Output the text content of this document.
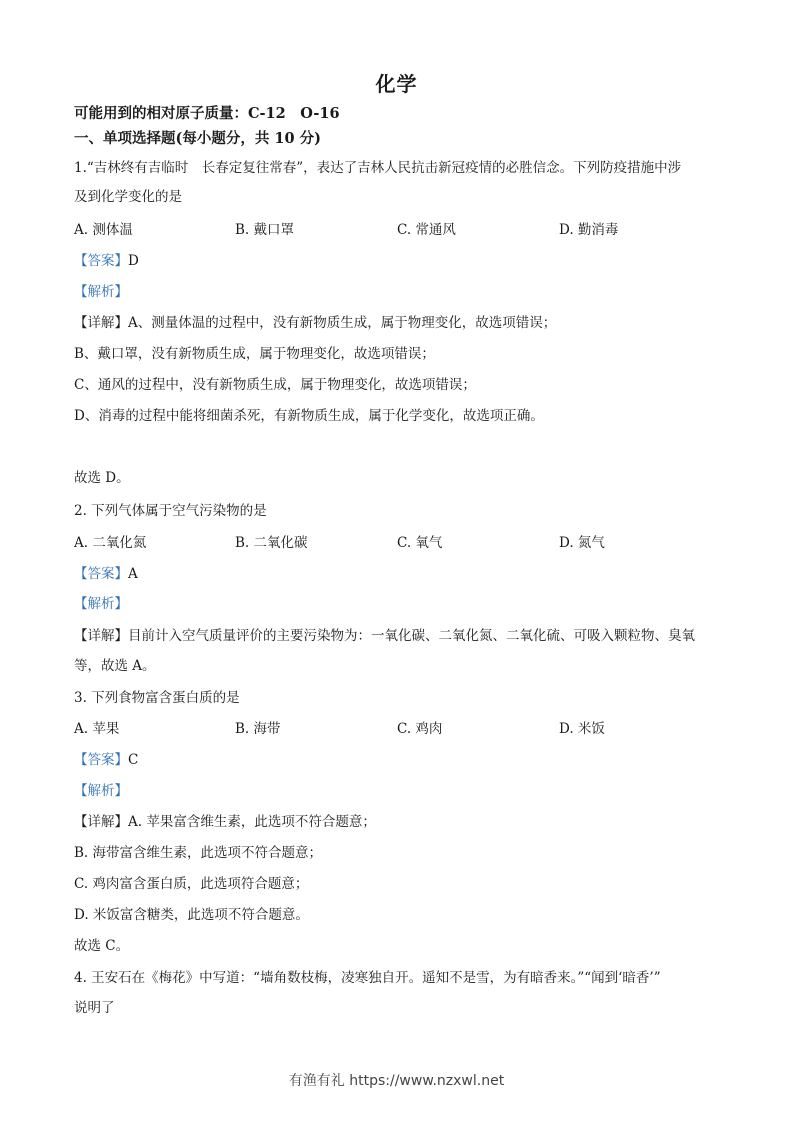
化学
可能用到的相对原子质量：C-12　O-16
一、单项选择题(每小题分，共 10 分)
1.“吉林终有吉临时　长春定复往常春”，表达了吉林人民抗击新冠疫情的必胜信念。下列防疫措施中涉
及到化学变化的是
A. 测体温	B. 戴口罩	C. 常通风	D. 勤消毒
【答案】D
【解析】
【详解】A、测量体温的过程中，没有新物质生成，属于物理变化，故选项错误；
B、戴口罩，没有新物质生成，属于物理变化，故选项错误；
C、通风的过程中，没有新物质生成，属于物理变化，故选项错误；
D、消毒的过程中能将细菌杀死，有新物质生成，属于化学变化，故选项正确。
故选 D。
2. 下列气体属于空气污染物的是
A. 二氧化氮	B. 二氧化碳	C. 氧气	D. 氮气
【答案】A
【解析】
【详解】目前计入空气质量评价的主要污染物为：一氧化碳、二氧化氮、二氧化硫、可吸入颗粒物、臭氧
等，故选 A。
3. 下列食物富含蛋白质的是
A. 苹果	B. 海带	C. 鸡肉	D. 米饭
【答案】C
【解析】
【详解】A. 苹果富含维生素，此选项不符合题意；
B. 海带富含维生素，此选项不符合题意；
C. 鸡肉富含蛋白质，此选项符合题意；
D. 米饭富含糖类，此选项不符合题意。
故选 C。
4. 王安石在《梅花》中写道：“墙角数枝梅，凌寒独自开。遥知不是雪，为有暗香来。”“闻到‘暗香’”
说明了
有渔有礼 https://www.nzxwl.net
